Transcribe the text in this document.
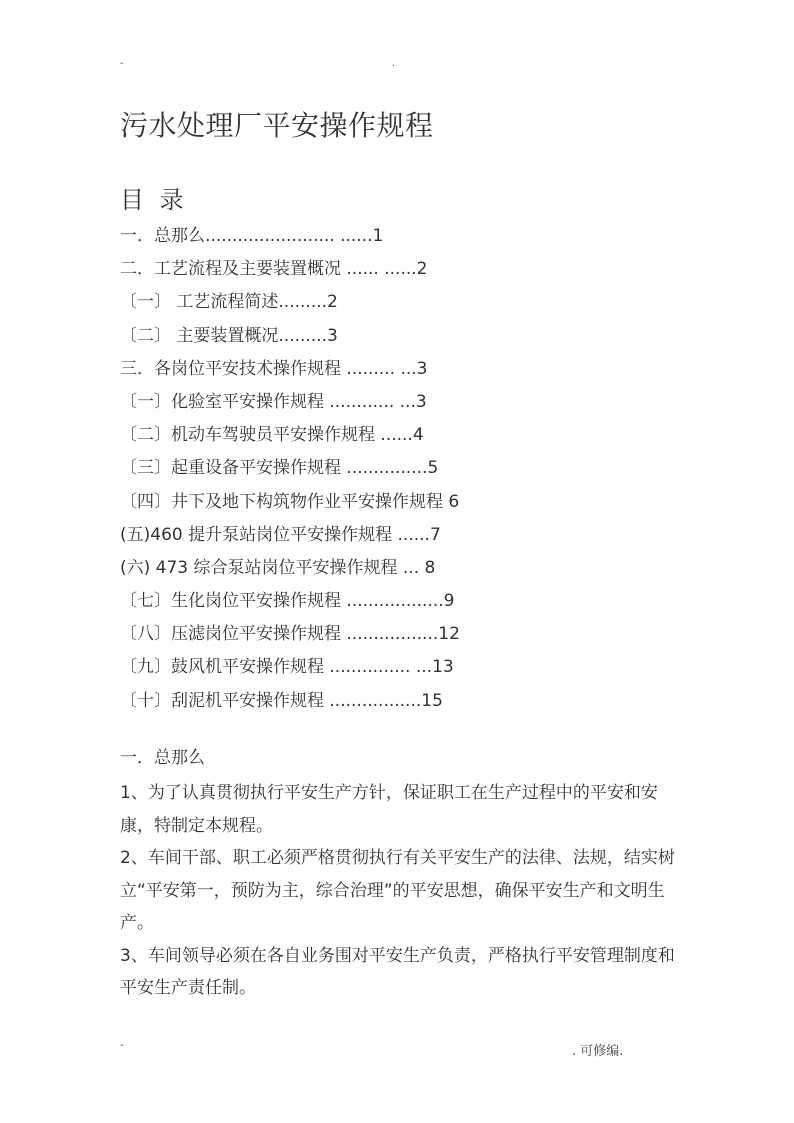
-	.
污水处理厂平安操作规程
目 录
一．总那么........................ ......1
二．工艺流程及主要装置概况 ...... ......2
〔一〕 工艺流程简述.........2
〔二〕 主要装置概况.........3
三．各岗位平安技术操作规程 ......... ...3
〔一〕化验室平安操作规程 ............ ...3
〔二〕机动车驾驶员平安操作规程 ......4
〔三〕起重设备平安操作规程 ...............5
〔四〕井下及地下构筑物作业平安操作规程 6
(五)460 提升泵站岗位平安操作规程 ......7
(六) 473 综合泵站岗位平安操作规程 ... 8
〔七〕生化岗位平安操作规程 ..................9
〔八〕压滤岗位平安操作规程 .................12
〔九〕鼓风机平安操作规程 ............... ...13
〔十〕刮泥机平安操作规程 .................15
一．总那么

1、为了认真贯彻执行平安生产方针，保证职工在生产过程中的平安和安康，特制定本规程。

2、车间干部、职工必须严格贯彻执行有关平安生产的法律、法规，结实树立“平安第一，预防为主，综合治理”的平安思想，确保平安生产和文明生产。

3、车间领导必须在各自业务围对平安生产负责，严格执行平安管理制度和平安生产责任制。

-	. 可修编.
